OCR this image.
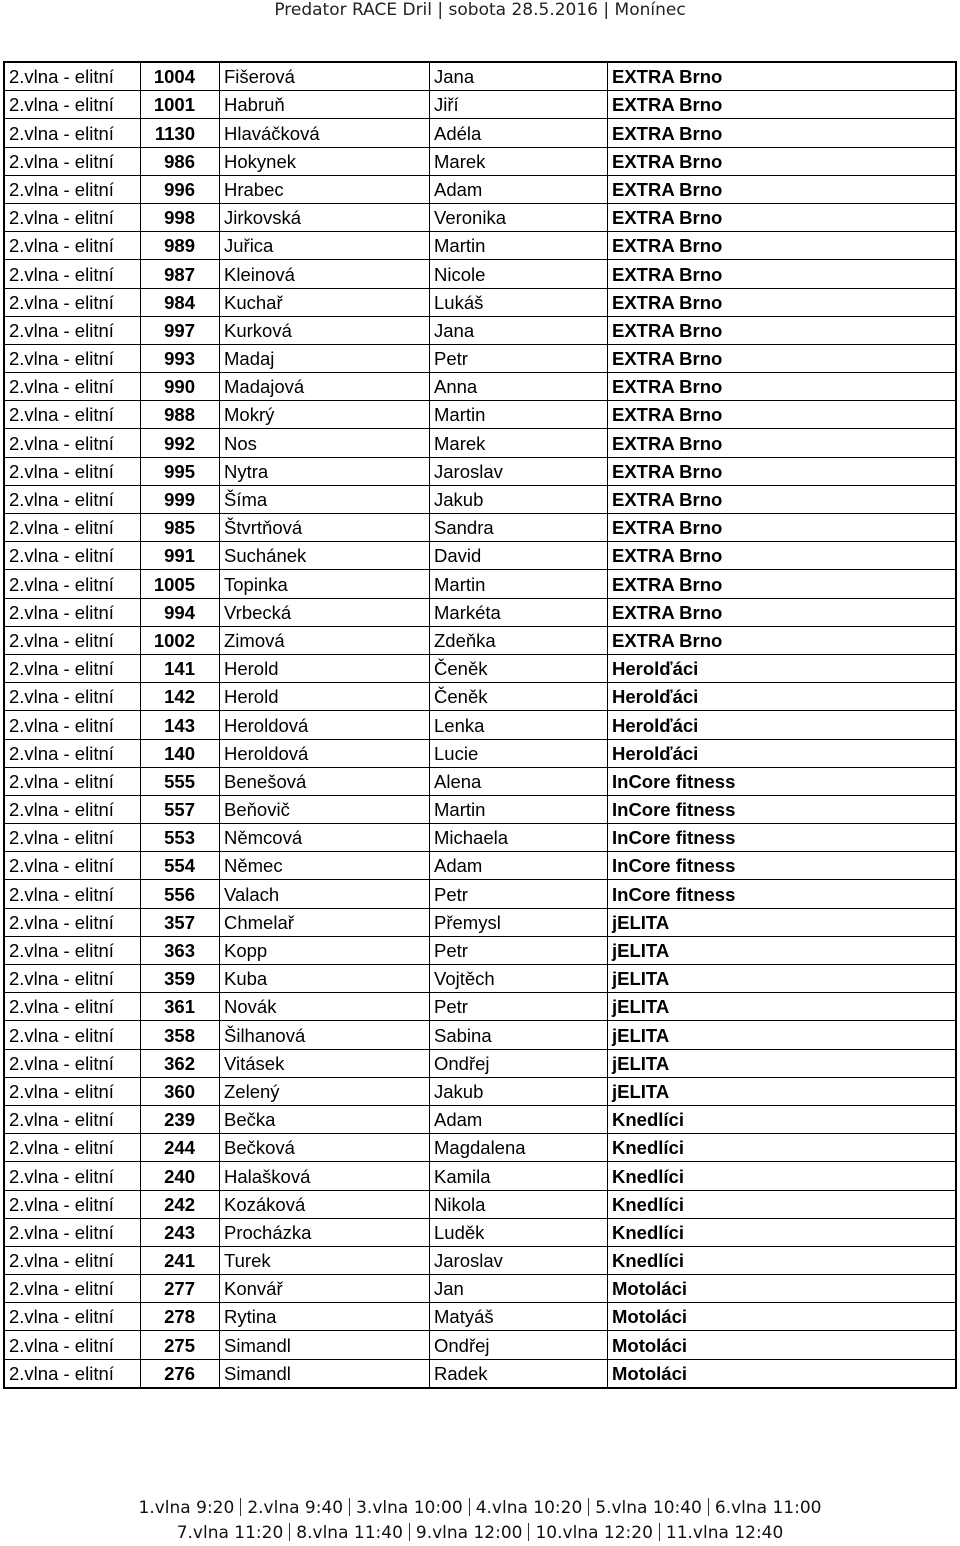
Predator RACE Dril | sobota 28.5.2016 | Monínec
2.vlna - elitní	1004	Fišerová	Jana	EXTRA Brno
2.vlna - elitní	1001	Habruň	Jiří	EXTRA Brno
2.vlna - elitní	1130	Hlaváčková	Adéla	EXTRA Brno
2.vlna - elitní	986	Hokynek	Marek	EXTRA Brno
2.vlna - elitní	996	Hrabec	Adam	EXTRA Brno
2.vlna - elitní	998	Jirkovská	Veronika	EXTRA Brno
2.vlna - elitní	989	Juřica	Martin	EXTRA Brno
2.vlna - elitní	987	Kleinová	Nicole	EXTRA Brno
2.vlna - elitní	984	Kuchař	Lukáš	EXTRA Brno
2.vlna - elitní	997	Kurková	Jana	EXTRA Brno
2.vlna - elitní	993	Madaj	Petr	EXTRA Brno
2.vlna - elitní	990	Madajová	Anna	EXTRA Brno
2.vlna - elitní	988	Mokrý	Martin	EXTRA Brno
2.vlna - elitní	992	Nos	Marek	EXTRA Brno
2.vlna - elitní	995	Nytra	Jaroslav	EXTRA Brno
2.vlna - elitní	999	Šíma	Jakub	EXTRA Brno
2.vlna - elitní	985	Štvrtňová	Sandra	EXTRA Brno
2.vlna - elitní	991	Suchánek	David	EXTRA Brno
2.vlna - elitní	1005	Topinka	Martin	EXTRA Brno
2.vlna - elitní	994	Vrbecká	Markéta	EXTRA Brno
2.vlna - elitní	1002	Zimová	Zdeňka	EXTRA Brno
2.vlna - elitní	141	Herold	Čeněk	Herolďáci
2.vlna - elitní	142	Herold	Čeněk	Herolďáci
2.vlna - elitní	143	Heroldová	Lenka	Herolďáci
2.vlna - elitní	140	Heroldová	Lucie	Herolďáci
2.vlna - elitní	555	Benešová	Alena	InCore fitness
2.vlna - elitní	557	Beňovič	Martin	InCore fitness
2.vlna - elitní	553	Němcová	Michaela	InCore fitness
2.vlna - elitní	554	Němec	Adam	InCore fitness
2.vlna - elitní	556	Valach	Petr	InCore fitness
2.vlna - elitní	357	Chmelař	Přemysl	jELITA
2.vlna - elitní	363	Kopp	Petr	jELITA
2.vlna - elitní	359	Kuba	Vojtěch	jELITA
2.vlna - elitní	361	Novák	Petr	jELITA
2.vlna - elitní	358	Šilhanová	Sabina	jELITA
2.vlna - elitní	362	Vitásek	Ondřej	jELITA
2.vlna - elitní	360	Zelený	Jakub	jELITA
2.vlna - elitní	239	Bečka	Adam	Knedlíci
2.vlna - elitní	244	Bečková	Magdalena	Knedlíci
2.vlna - elitní	240	Halašková	Kamila	Knedlíci
2.vlna - elitní	242	Kozáková	Nikola	Knedlíci
2.vlna - elitní	243	Procházka	Luděk	Knedlíci
2.vlna - elitní	241	Turek	Jaroslav	Knedlíci
2.vlna - elitní	277	Konvář	Jan	Motoláci
2.vlna - elitní	278	Rytina	Matyáš	Motoláci
2.vlna - elitní	275	Simandl	Ondřej	Motoláci
2.vlna - elitní	276	Simandl	Radek	Motoláci
1.vlna 9:20 2.vlna 9:40 3.vlna 10:00 4.vlna 10:20 5.vlna 10:40 6.vlna 11:00
7.vlna 11:20 8.vlna 11:40 9.vlna 12:00 10.vlna 12:20 11.vlna 12:40
